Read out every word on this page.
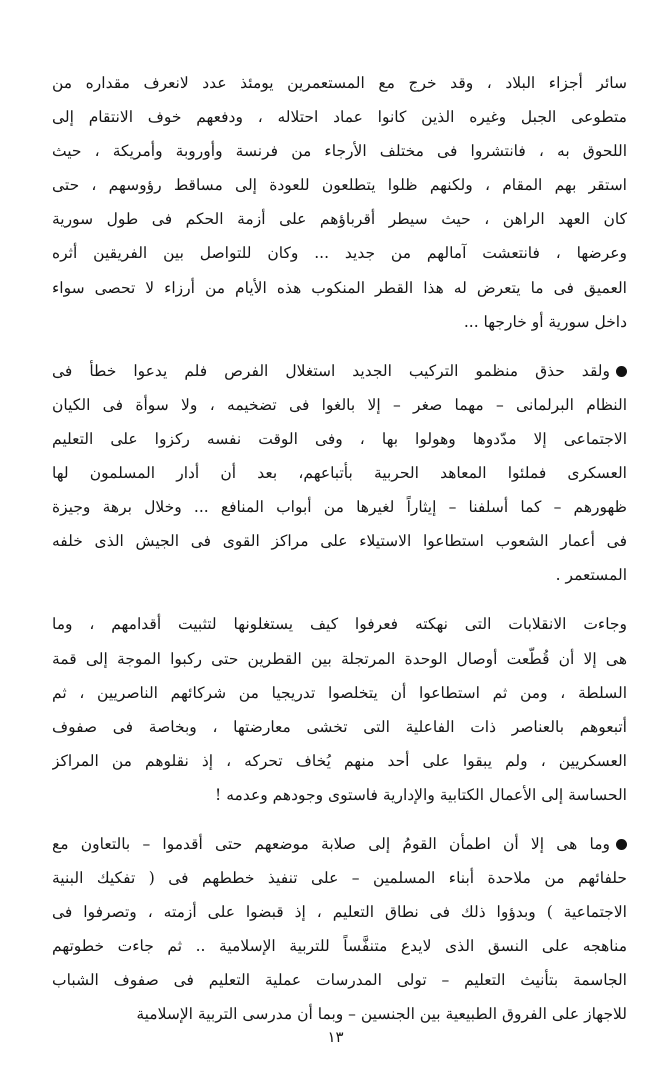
سائر أجزاء البلاد ، وقد خرج مع المستعمرين يومئذ عدد لانعرف مقداره من
متطوعى الجبل وغيره الذين كانوا عماد احتلاله ، ودفعهم خوف الانتقام إلى
اللحوق به ، فانتشروا فى مختلف الأرجاء من فرنسة وأوروبة وأمريكة ، حيث
استقر بهم المقام ، ولكنهم ظلوا يتطلعون للعودة إلى مساقط رؤوسهم ، حتى
كان العهد الراهن ، حيث سيطر أقرباؤهم على أزمة الحكم فى طول سورية
وعرضها ، فانتعشت آمالهم من جديد ... وكان للتواصل بين الفريقين أثره
العميق فى ما يتعرض له هذا القطر المنكوب هذه الأيام من أرزاء لا تحصى سواء
داخل سورية أو خارجها ...
ولقد حذق منظمو التركيب الجديد استغلال الفرص فلم يدعوا خطأ فى
النظام البرلمانى – مهما صغر – إلا بالغوا فى تضخيمه ، ولا سوأة فى الكيان
الاجتماعى إلا مدّدوها وهولوا بها ، وفى الوقت نفسه ركزوا على التعليم
العسكرى فملئوا المعاهد الحربية بأتباعهم، بعد أن أدار المسلمون لها
ظهورهم – كما أسلفنا – إيثاراً لغيرها من أبواب المنافع ... وخلال برهة وجيزة
فى أعمار الشعوب استطاعوا الاستيلاء على مراكز القوى فى الجيش الذى خلفه
المستعمر .
وجاءت الانقلابات التى نهكته فعرفوا كيف يستغلونها لتثبيت أقدامهم ، وما
هى إلا أن قُطّعت أوصال الوحدة المرتجلة بين القطرين حتى ركبوا الموجة إلى قمة
السلطة ، ومن ثم استطاعوا أن يتخلصوا تدريجيا من شركائهم الناصريين ، ثم
أتبعوهم بالعناصر ذات الفاعلية التى تخشى معارضتها ، وبخاصة فى صفوف
العسكريين ، ولم يبقوا على أحد منهم يُخاف تحركه ، إذ نقلوهم من المراكز
الحساسة إلى الأعمال الكتابية والإدارية فاستوى وجودهم وعدمه !
وما هى إلا أن اطمأن القومُ إلى صلابة موضعهم حتى أقدموا – بالتعاون مع
حلفائهم من ملاحدة أبناء المسلمين – على تنفيذ خططهم فى ( تفكيك البنية
الاجتماعية ) وبدؤوا ذلك فى نطاق التعليم ، إذ قبضوا على أزمته ، وتصرفوا فى
مناهجه على النسق الذى لايدع متنفَّساً للتربية الإسلامية .. ثم جاءت خطوتهم
الجاسمة بتأنيث التعليم – تولى المدرسات عملية التعليم فى صفوف الشباب
للاجهاز على الفروق الطبيعية بين الجنسين – وبما أن مدرسى التربية الإسلامية
١٣
